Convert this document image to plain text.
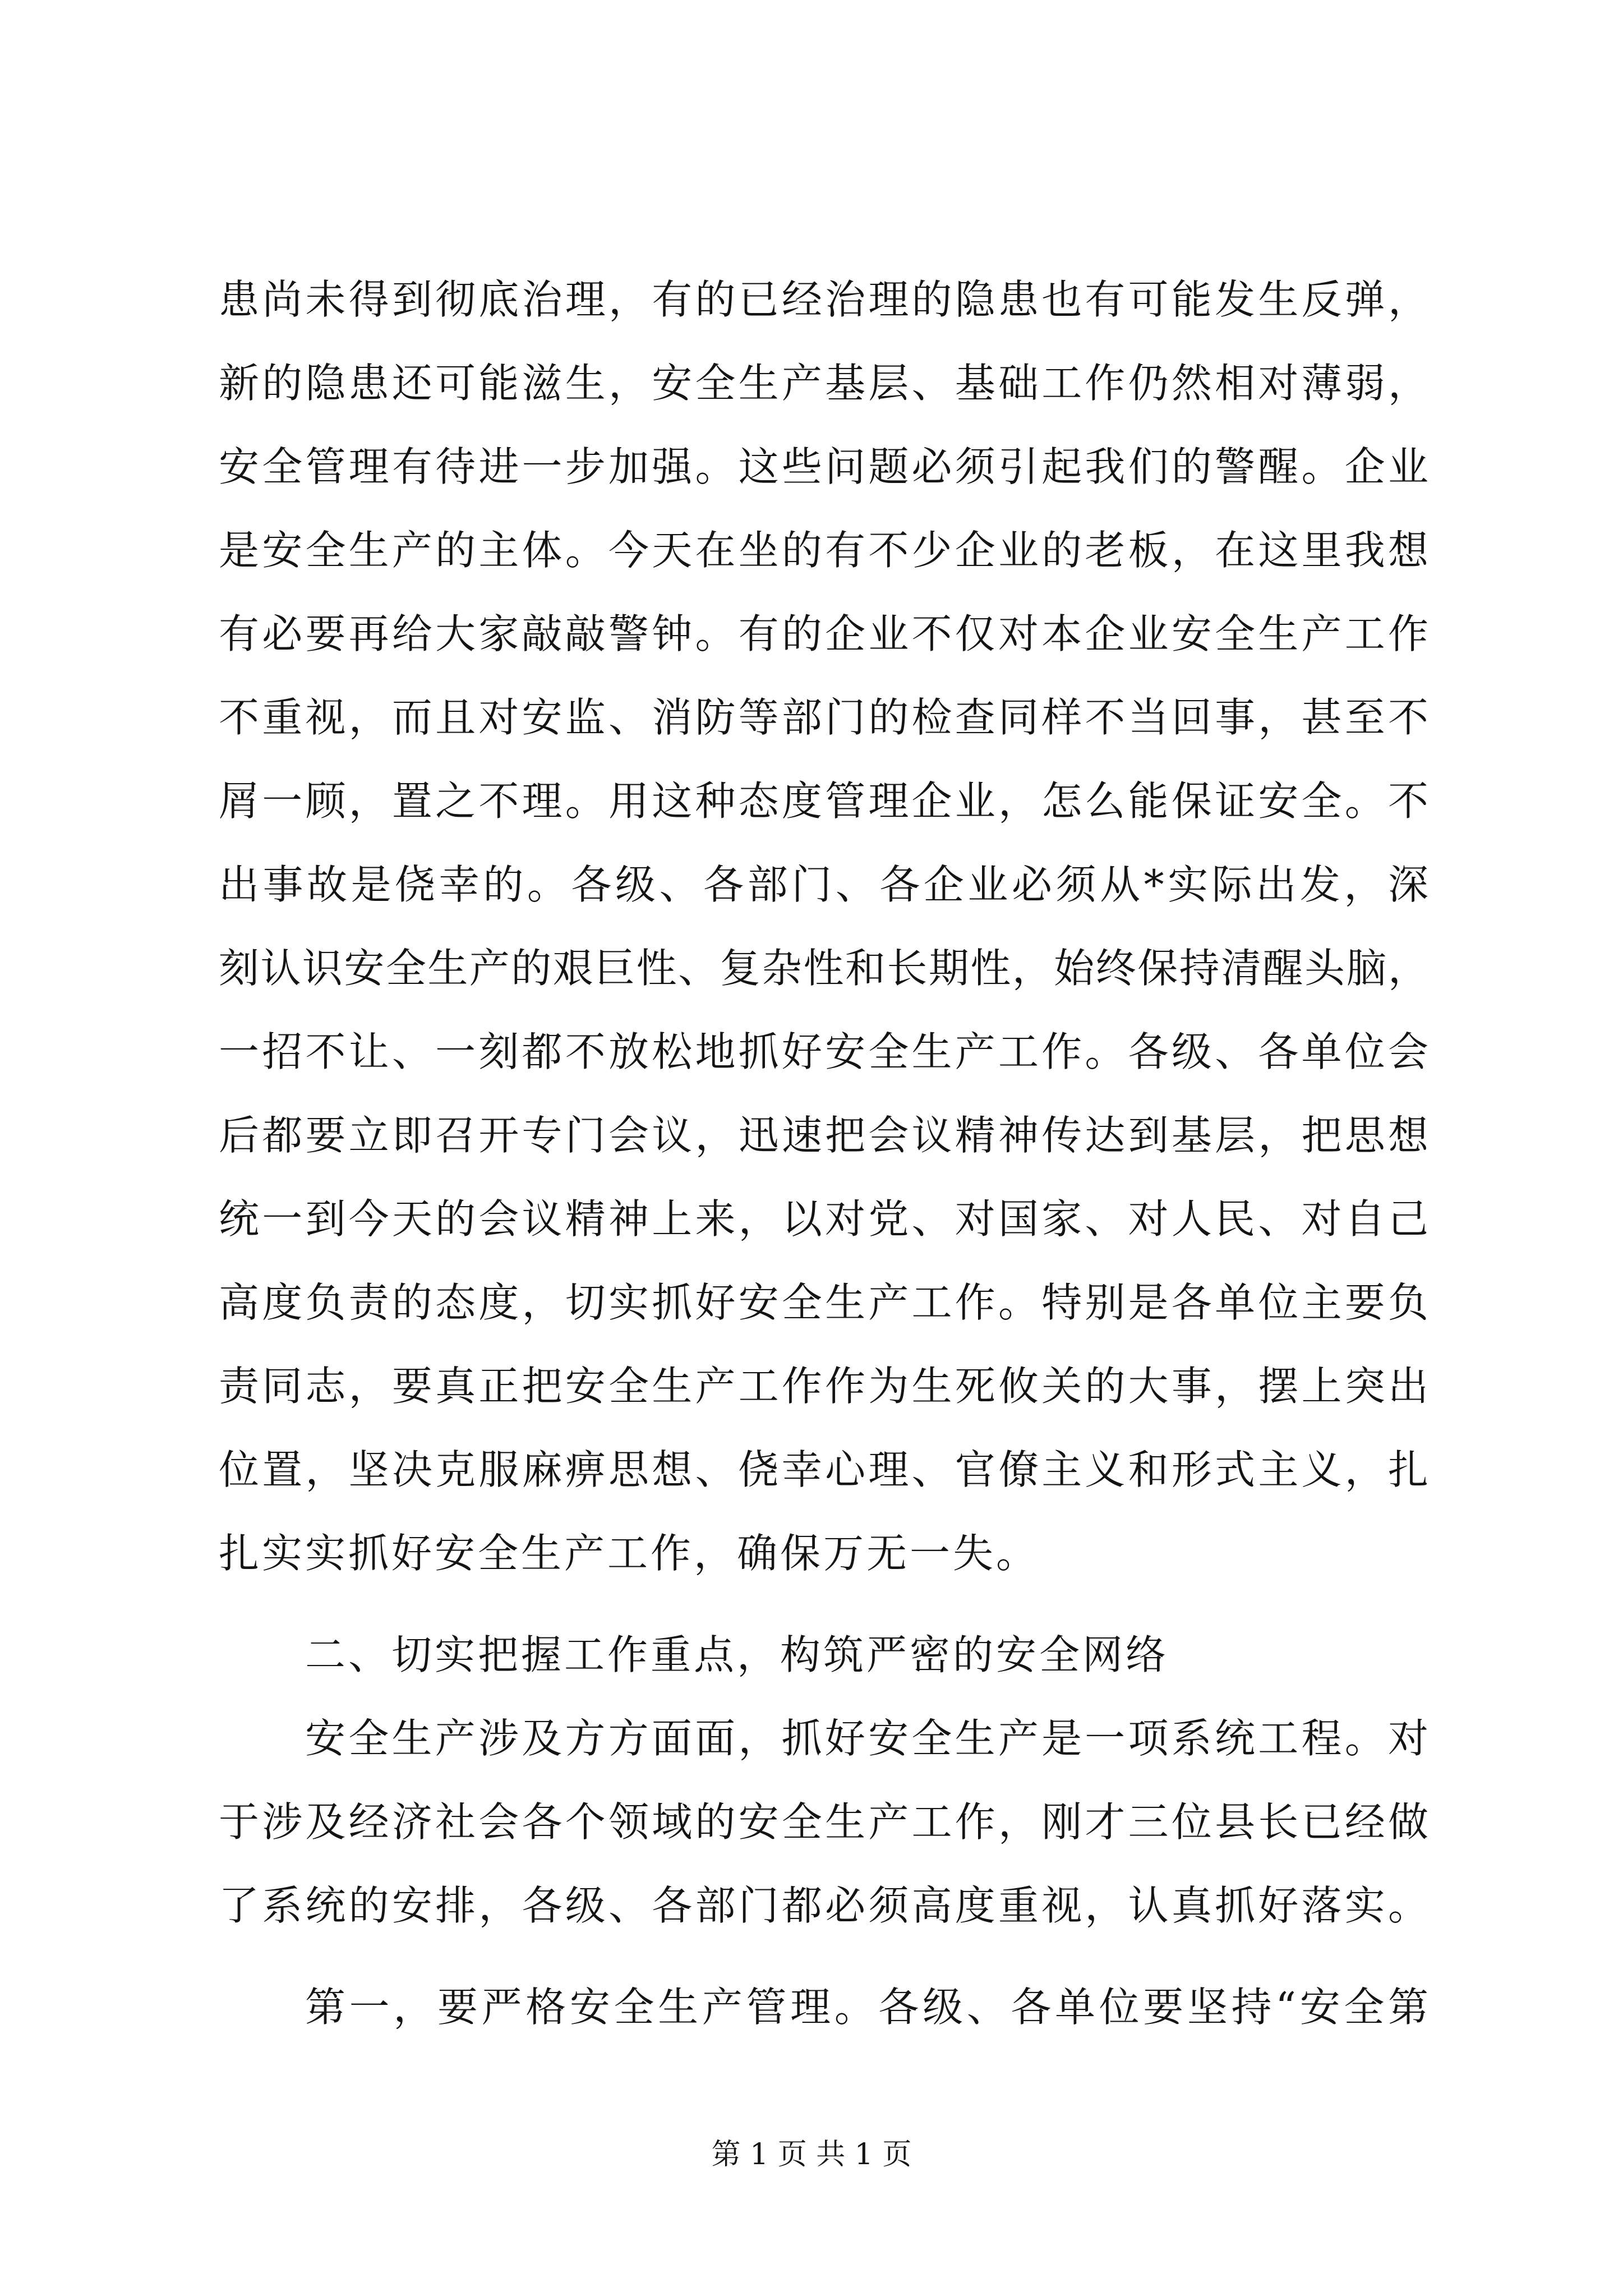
患尚未得到彻底治理，有的已经治理的隐患也有可能发生反弹，
新的隐患还可能滋生，安全生产基层、基础工作仍然相对薄弱，
安全管理有待进一步加强。这些问题必须引起我们的警醒。企业
是安全生产的主体。今天在坐的有不少企业的老板，在这里我想
有必要再给大家敲敲警钟。有的企业不仅对本企业安全生产工作
不重视，而且对安监、消防等部门的检查同样不当回事，甚至不
屑一顾，置之不理。用这种态度管理企业，怎么能保证安全。不
出事故是侥幸的。各级、各部门、各企业必须从*实际出发，深
刻认识安全生产的艰巨性、复杂性和长期性，始终保持清醒头脑，
一招不让、一刻都不放松地抓好安全生产工作。各级、各单位会
后都要立即召开专门会议，迅速把会议精神传达到基层，把思想
统一到今天的会议精神上来，以对党、对国家、对人民、对自己
高度负责的态度，切实抓好安全生产工作。特别是各单位主要负
责同志，要真正把安全生产工作作为生死攸关的大事，摆上突出
位置，坚决克服麻痹思想、侥幸心理、官僚主义和形式主义，扎
扎实实抓好安全生产工作，确保万无一失。
二、切实把握工作重点，构筑严密的安全网络
安全生产涉及方方面面，抓好安全生产是一项系统工程。对
于涉及经济社会各个领域的安全生产工作，刚才三位县长已经做
了系统的安排，各级、各部门都必须高度重视，认真抓好落实。
第一，要严格安全生产管理。各级、各单位要坚持“安全第
第 1 页 共 1 页
